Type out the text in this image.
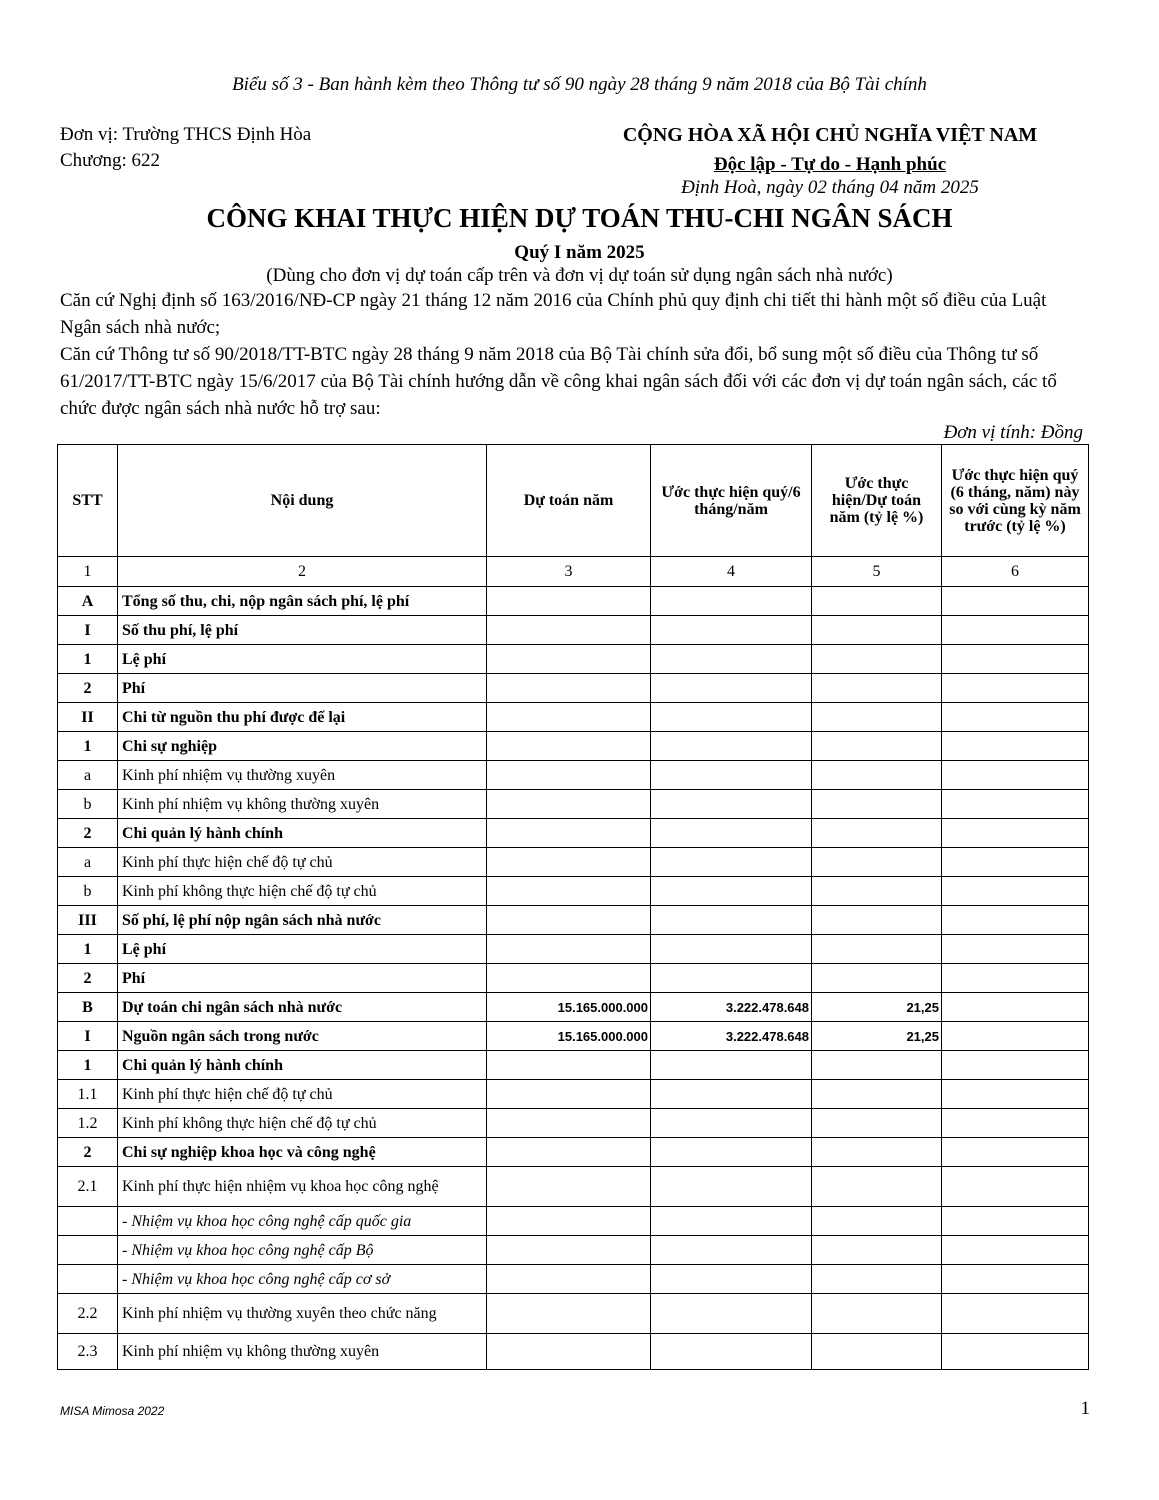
Biểu số 3 - Ban hành kèm theo Thông tư số 90 ngày 28 tháng 9 năm 2018 của Bộ Tài chính
Đơn vị: Trường THCS Định Hòa
Chương: 622
CỘNG HÒA XÃ HỘI CHỦ NGHĨA VIỆT NAM
Độc lập - Tự do - Hạnh phúc
Định Hoà, ngày 02 tháng 04 năm 2025
CÔNG KHAI THỰC HIỆN DỰ TOÁN THU-CHI NGÂN SÁCH
Quý I năm 2025
(Dùng cho đơn vị dự toán cấp trên và đơn vị dự toán sử dụng ngân sách nhà nước)
Căn cứ Nghị định số 163/2016/NĐ-CP ngày 21 tháng 12 năm 2016 của Chính phủ quy định chi tiết thi hành một số điều của Luật Ngân sách nhà nước;
Căn cứ Thông tư số 90/2018/TT-BTC ngày 28 tháng 9 năm 2018 của Bộ Tài chính sửa đổi, bổ sung một số điều của Thông tư số 61/2017/TT-BTC ngày 15/6/2017 của Bộ Tài chính hướng dẫn về công khai ngân sách đối với các đơn vị dự toán ngân sách, các tổ chức được ngân sách nhà nước hỗ trợ sau:
Đơn vị tính: Đồng
STT	Nội dung	Dự toán năm	Ước thực hiện quý/6 tháng/năm	Ước thực hiện/Dự toán năm (tỷ lệ %)	Ước thực hiện quý (6 tháng, năm) này so với cùng kỳ năm trước (tỷ lệ %)
1	2	3	4	5	6
A	Tổng số thu, chi, nộp ngân sách phí, lệ phí				
I	Số thu phí, lệ phí				
1	Lệ phí				
2	Phí				
II	Chi từ nguồn thu phí được để lại				
1	Chi sự nghiệp				
a	Kinh phí nhiệm vụ thường xuyên				
b	Kinh phí nhiệm vụ không thường xuyên				
2	Chi quản lý hành chính				
a	Kinh phí thực hiện chế độ tự chủ				
b	Kinh phí không thực hiện chế độ tự chủ				
III	Số phí, lệ phí nộp ngân sách nhà nước				
1	Lệ phí				
2	Phí				
B	Dự toán chi ngân sách nhà nước	15.165.000.000	3.222.478.648	21,25	
I	Nguồn ngân sách trong nước	15.165.000.000	3.222.478.648	21,25	
1	Chi quản lý hành chính				
1.1	Kinh phí thực hiện chế độ tự chủ				
1.2	Kinh phí không thực hiện chế độ tự chủ				
2	Chi sự nghiệp khoa học và công nghệ				
2.1	Kinh phí thực hiện nhiệm vụ khoa học công nghệ				
	- Nhiệm vụ khoa học công nghệ cấp quốc gia				
	- Nhiệm vụ khoa học công nghệ cấp Bộ				
	- Nhiệm vụ khoa học công nghệ cấp cơ sở				
2.2	Kinh phí nhiệm vụ thường xuyên theo chức năng				
2.3	Kinh phí nhiệm vụ không thường xuyên				
MISA Mimosa 2022	1
